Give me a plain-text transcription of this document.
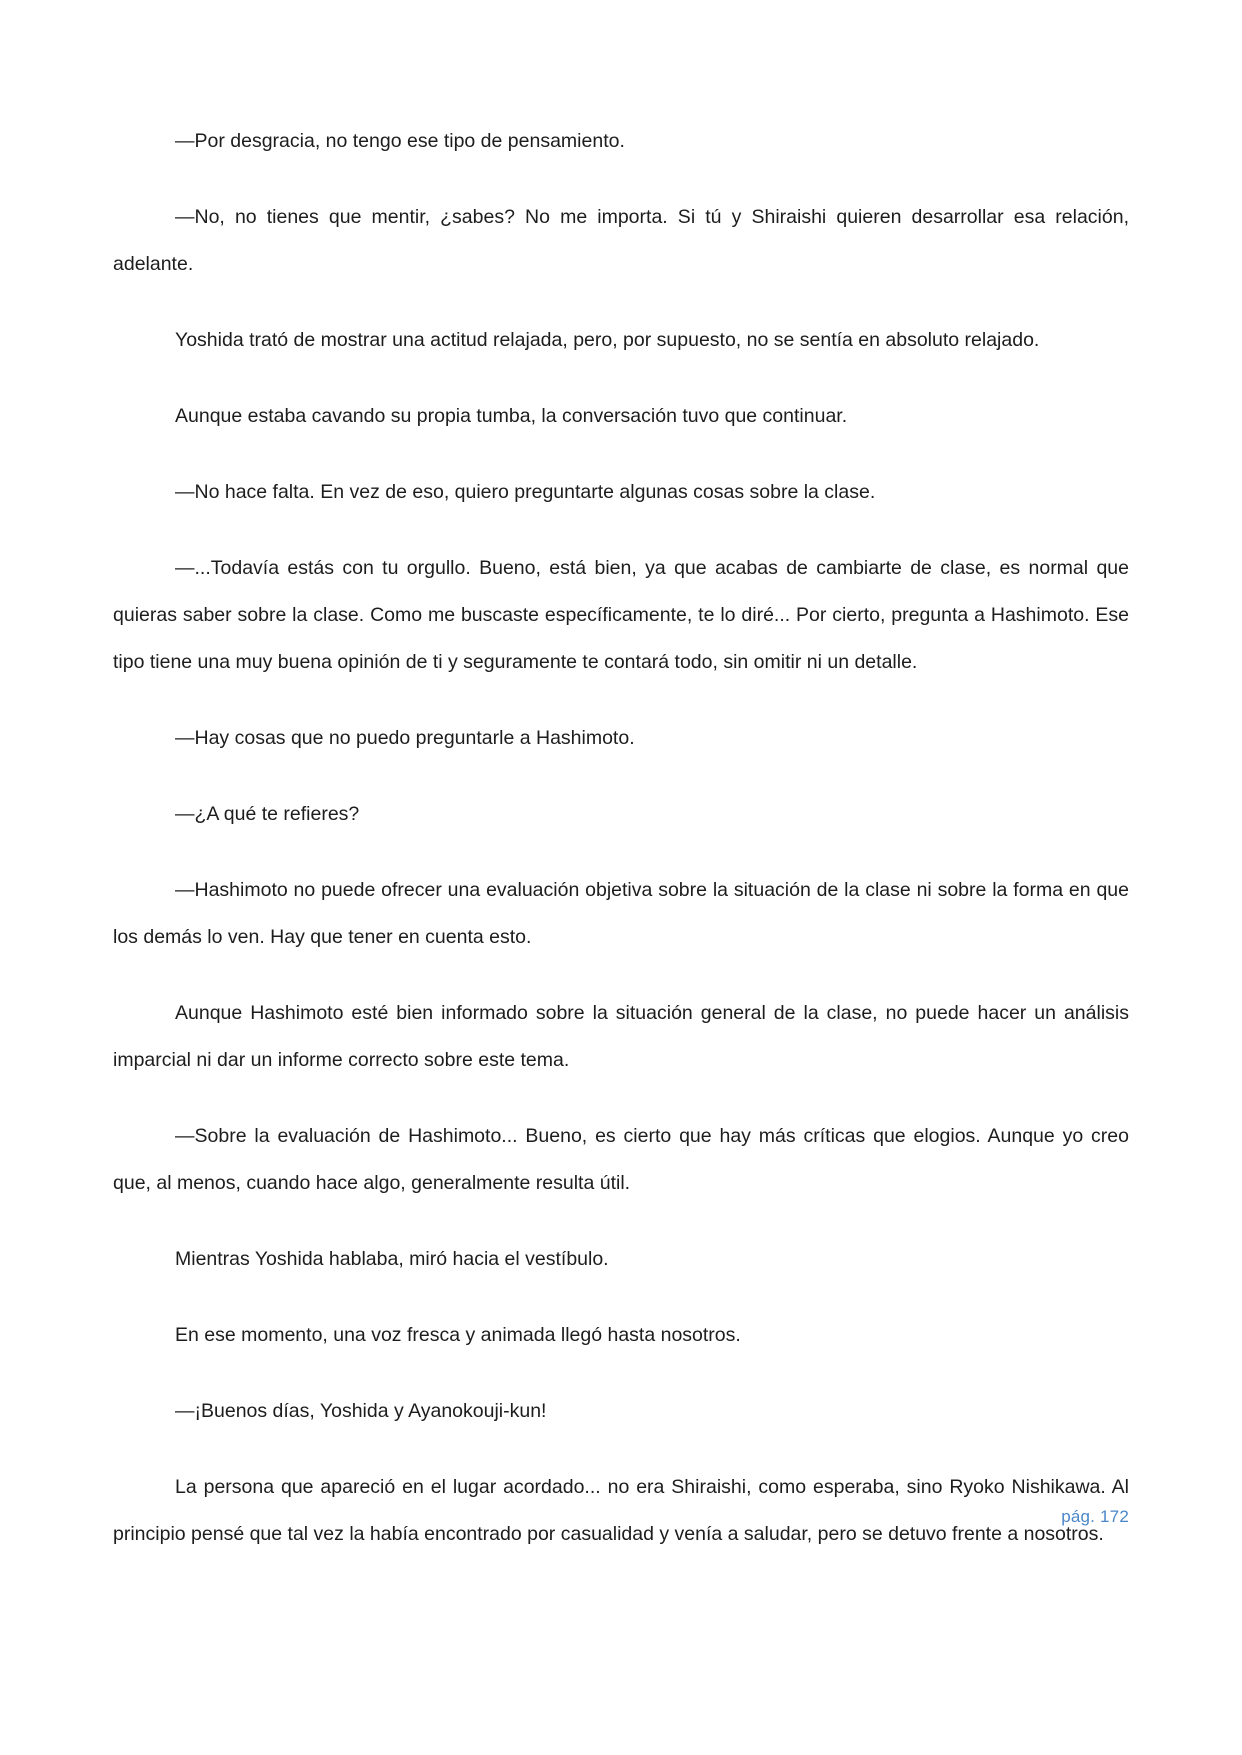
—Por desgracia, no tengo ese tipo de pensamiento.

—No, no tienes que mentir, ¿sabes? No me importa. Si tú y Shiraishi quieren desarrollar esa relación, adelante.

Yoshida trató de mostrar una actitud relajada, pero, por supuesto, no se sentía en absoluto relajado.

Aunque estaba cavando su propia tumba, la conversación tuvo que continuar.

—No hace falta. En vez de eso, quiero preguntarte algunas cosas sobre la clase.

—...Todavía estás con tu orgullo. Bueno, está bien, ya que acabas de cambiarte de clase, es normal que quieras saber sobre la clase. Como me buscaste específicamente, te lo diré... Por cierto, pregunta a Hashimoto. Ese tipo tiene una muy buena opinión de ti y seguramente te contará todo, sin omitir ni un detalle.

—Hay cosas que no puedo preguntarle a Hashimoto.

—¿A qué te refieres?

—Hashimoto no puede ofrecer una evaluación objetiva sobre la situación de la clase ni sobre la forma en que los demás lo ven. Hay que tener en cuenta esto.

Aunque Hashimoto esté bien informado sobre la situación general de la clase, no puede hacer un análisis imparcial ni dar un informe correcto sobre este tema.

—Sobre la evaluación de Hashimoto... Bueno, es cierto que hay más críticas que elogios. Aunque yo creo que, al menos, cuando hace algo, generalmente resulta útil.

Mientras Yoshida hablaba, miró hacia el vestíbulo.

En ese momento, una voz fresca y animada llegó hasta nosotros.

—¡Buenos días, Yoshida y Ayanokouji-kun!

La persona que apareció en el lugar acordado... no era Shiraishi, como esperaba, sino Ryoko Nishikawa. Al principio pensé que tal vez la había encontrado por casualidad y venía a saludar, pero se detuvo frente a nosotros.

pág. 172
